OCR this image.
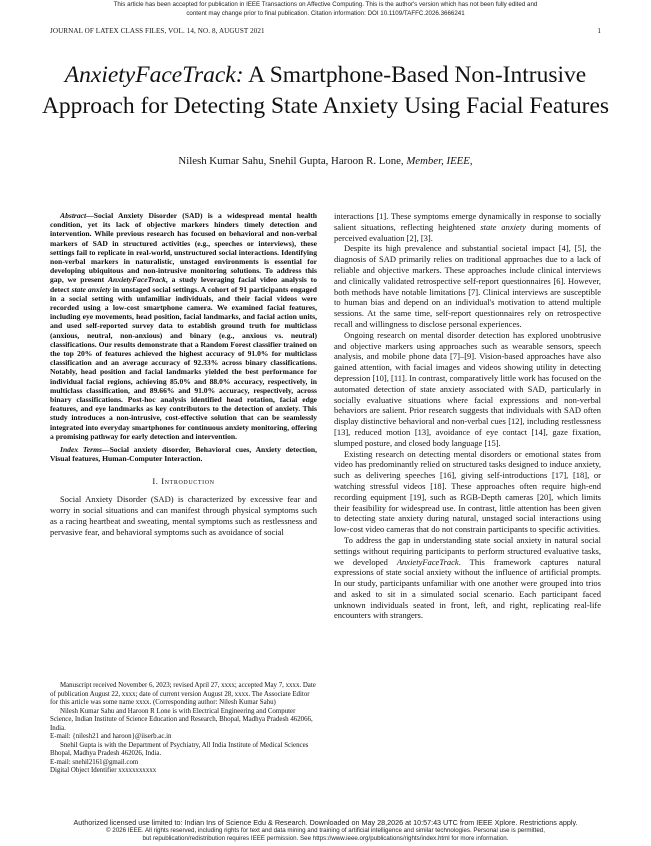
This article has been accepted for publication in IEEE Transactions on Affective Computing. This is the author's version which has not been fully edited and
content may change prior to final publication. Citation information: DOI 10.1109/TAFFC.2026.3666241
JOURNAL OF LATEX CLASS FILES, VOL. 14, NO. 8, AUGUST 2021	1
AnxietyFaceTrack: A Smartphone-Based Non-Intrusive Approach for Detecting State Anxiety Using Facial Features
Nilesh Kumar Sahu, Snehil Gupta, Haroon R. Lone, Member, IEEE,

Abstract—Social Anxiety Disorder (SAD) is a widespread mental health condition, yet its lack of objective markers hinders timely detection and intervention. While previous research has focused on behavioral and non-verbal markers of SAD in structured activities (e.g., speeches or interviews), these settings fail to replicate in real-world, unstructured social interactions. Identifying non-verbal markers in naturalistic, unstaged environments is essential for developing ubiquitous and non-intrusive monitoring solutions. To address this gap, we present AnxietyFaceTrack, a study leveraging facial video analysis to detect state anxiety in unstaged social settings. A cohort of 91 participants engaged in a social setting with unfamiliar individuals, and their facial videos were recorded using a low-cost smartphone camera. We examined facial features, including eye movements, head position, facial landmarks, and facial action units, and used self-reported survey data to establish ground truth for multiclass (anxious, neutral, non-anxious) and binary (e.g., anxious vs. neutral) classifications. Our results demonstrate that a Random Forest classifier trained on the top 20% of features achieved the highest accuracy of 91.0% for multiclass classification and an average accuracy of 92.33% across binary classifications. Notably, head position and facial landmarks yielded the best performance for individual facial regions, achieving 85.0% and 88.0% accuracy, respectively, in multiclass classification, and 89.66% and 91.0% accuracy, respectively, across binary classifications. Post-hoc analysis identified head rotation, facial edge features, and eye landmarks as key contributors to the detection of anxiety. This study introduces a non-intrusive, cost-effective solution that can be seamlessly integrated into everyday smartphones for continuous anxiety monitoring, offering a promising pathway for early detection and intervention.

Index Terms—Social anxiety disorder, Behavioral cues, Anxiety detection, Visual features, Human-Computer Interaction.

I. Introduction

Social Anxiety Disorder (SAD) is characterized by excessive fear and worry in social situations and can manifest through physical symptoms such as a racing heartbeat and sweating, mental symptoms such as restlessness and pervasive fear, and behavioral symptoms such as avoidance of social

Manuscript received November 6, 2023; revised April 27, xxxx; accepted May 7, xxxx. Date of publication August 22, xxxx; date of current version August 28, xxxx. The Associate Editor for this article was some name xxxx. (Corresponding author: Nilesh Kumar Sahu)

Nilesh Kumar Sahu and Haroon R Lone is with Electrical Engineering and Computer Science, Indian Institute of Science Education and Research, Bhopal, Madhya Pradesh 462066, India.

E-mail: {nilesh21 and haroon}@iiserb.ac.in

Snehil Gupta is with the Department of Psychiatry, All India Institute of Medical Sciences Bhopal, Madhya Pradesh 462026, India.

E-mail: snehil2161@gmail.com

Digital Object Identifier xxxxxxxxxxx

interactions [1]. These symptoms emerge dynamically in response to socially salient situations, reflecting heightened state anxiety during moments of perceived evaluation [2], [3].

Despite its high prevalence and substantial societal impact [4], [5], the diagnosis of SAD primarily relies on traditional approaches due to a lack of reliable and objective markers. These approaches include clinical interviews and clinically validated retrospective self-report questionnaires [6]. However, both methods have notable limitations [7]. Clinical interviews are susceptible to human bias and depend on an individual's motivation to attend multiple sessions. At the same time, self-report questionnaires rely on retrospective recall and willingness to disclose personal experiences.

Ongoing research on mental disorder detection has explored unobtrusive and objective markers using approaches such as wearable sensors, speech analysis, and mobile phone data [7]–[9]. Vision-based approaches have also gained attention, with facial images and videos showing utility in detecting depression [10], [11]. In contrast, comparatively little work has focused on the automated detection of state anxiety associated with SAD, particularly in socially evaluative situations where facial expressions and non-verbal behaviors are salient. Prior research suggests that individuals with SAD often display distinctive behavioral and non-verbal cues [12], including restlessness [13], reduced motion [13], avoidance of eye contact [14], gaze fixation, slumped posture, and closed body language [15].

Existing research on detecting mental disorders or emotional states from video has predominantly relied on structured tasks designed to induce anxiety, such as delivering speeches [16], giving self-introductions [17], [18], or watching stressful videos [18]. These approaches often require high-end recording equipment [19], such as RGB-Depth cameras [20], which limits their feasibility for widespread use. In contrast, little attention has been given to detecting state anxiety during natural, unstaged social interactions using low-cost video cameras that do not constrain participants to specific activities.

To address the gap in understanding state social anxiety in natural social settings without requiring participants to perform structured evaluative tasks, we developed AnxietyFaceTrack. This framework captures natural expressions of state social anxiety without the influence of artificial prompts. In our study, participants unfamiliar with one another were grouped into trios and asked to sit in a simulated social scenario. Each participant faced unknown individuals seated in front, left, and right, replicating real-life encounters with strangers.

Authorized licensed use limited to: Indian Ins of Science Edu & Research. Downloaded on May 28,2026 at 10:57:43 UTC from IEEE Xplore. Restrictions apply.
© 2026 IEEE. All rights reserved, including rights for text and data mining and training of artificial intelligence and similar technologies. Personal use is permitted,
but republication/redistribution requires IEEE permission. See https://www.ieee.org/publications/rights/index.html for more information.
